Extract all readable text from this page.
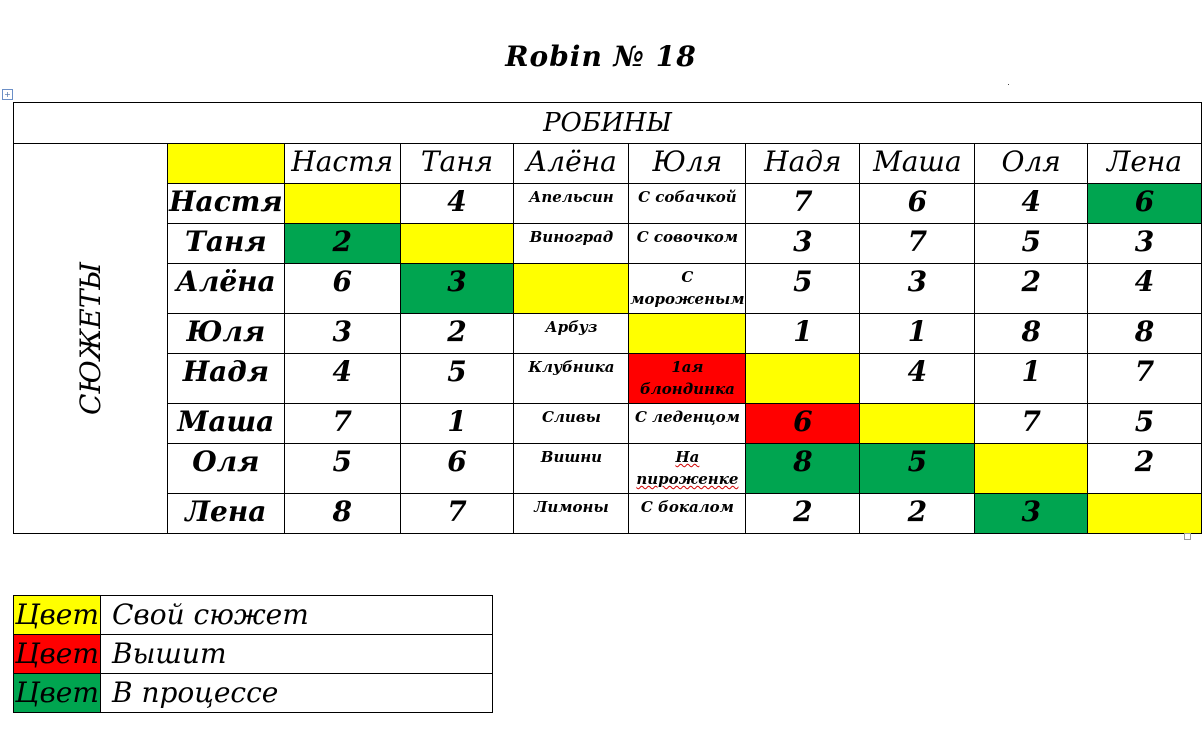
Robin № 18
+
РОБИНЫ									
СЮЖЕТЫ		Настя	Таня	Алёна	Юля	Надя	Маша	Оля	Лена
	Настя		4	Апельсин	С собачкой	7	6	4	6
	Таня	2		Виноград	С совочком	3	7	5	3
	Алёна	6	3		С мороженым	5	3	2	4
	Юля	3	2	Арбуз		1	1	8	8
	Надя	4	5	Клубника	1ая блондинка		4	1	7
	Маша	7	1	Сливы	С леденцом	6		7	5
	Оля	5	6	Вишни	На пироженке	8	5		2
	Лена	8	7	Лимоны	С бокалом	2	2	3	
Цвет	Свой сюжет
Цвет	Вышит
Цвет	В процессе
